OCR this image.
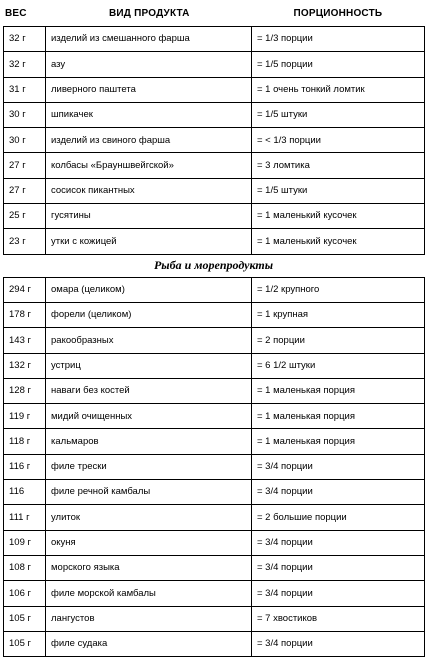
ВЕС	ВИД ПРОДУКТА	ПОРЦИОННОСТЬ
32 г	изделий из смешанного фарша	= 1/3 порции
32 г	азу	= 1/5 порции
31 г	ливерного паштета	= 1 очень тонкий ломтик
30 г	шпикачек	= 1/5 штуки
30 г	изделий из свиного фарша	= < 1/3 порции
27 г	колбасы «Брауншвейгской»	= 3 ломтика
27 г	сосисок пикантных	= 1/5 штуки
25 г	гусятины	= 1 маленький кусочек
23 г	утки с кожицей	= 1 маленький кусочек
Рыба и морепродукты
294 г	омара (целиком)	= 1/2 крупного
178 г	форели (целиком)	= 1 крупная
143 г	ракообразных	= 2 порции
132 г	устриц	= 6 1/2 штуки
128 г	наваги без костей	= 1 маленькая порция
119 г	мидий очищенных	= 1 маленькая порция
118 г	кальмаров	= 1 маленькая порция
116 г	филе трески	= 3/4 порции
116	филе речной камбалы	= 3/4 порции
111 г	улиток	= 2 большие порции
109 г	окуня	= 3/4 порции
108 г	морского языка	= 3/4 порции
106 г	филе морской камбалы	= 3/4 порции
105 г	лангустов	= 7 хвостиков
105 г	филе судака	= 3/4 порции
